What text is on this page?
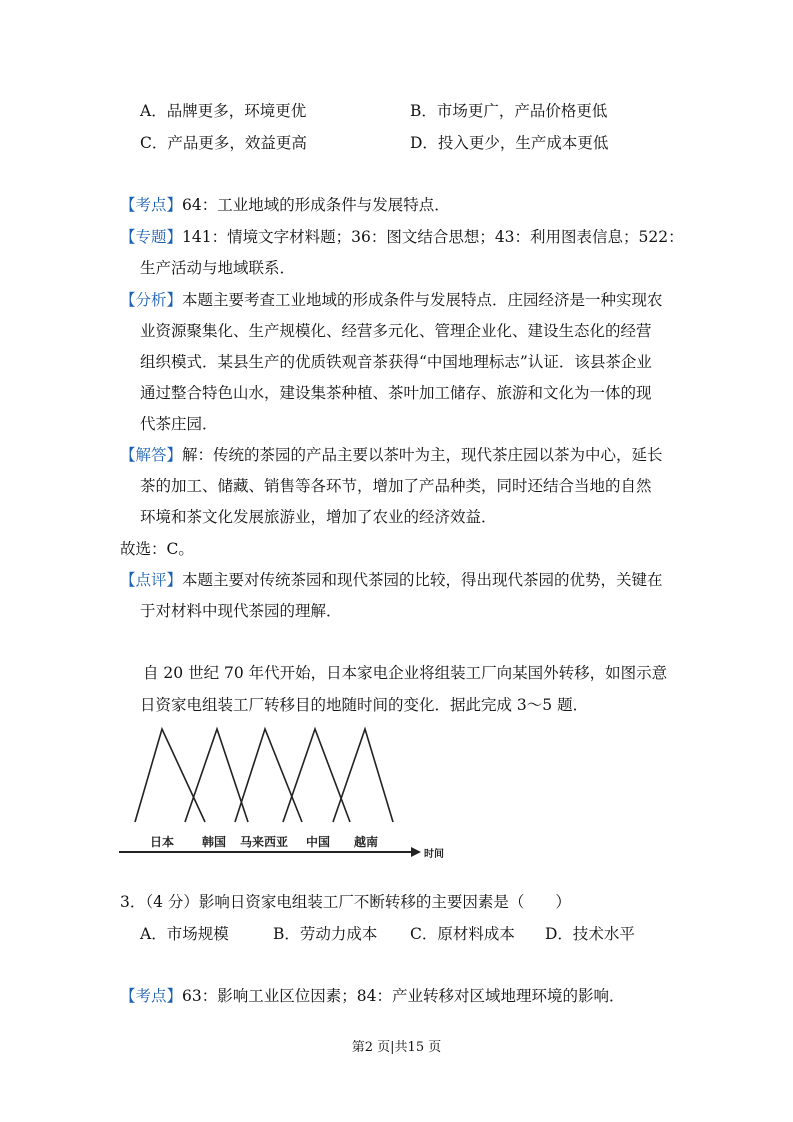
A．品牌更多，环境更优	B．市场更广，产品价格更低
C．产品更多，效益更高	D．投入更少，生产成本更低
【考点】64：工业地域的形成条件与发展特点．
【专题】141：情境文字材料题；36：图文结合思想；43：利用图表信息；522：
生产活动与地域联系．
【分析】本题主要考查工业地域的形成条件与发展特点．庄园经济是一种实现农
业资源聚集化、生产规模化、经营多元化、管理企业化、建设生态化的经营
组织模式．某县生产的优质铁观音茶获得“中国地理标志”认证．该县茶企业
通过整合特色山水，建设集茶种植、茶叶加工储存、旅游和文化为一体的现
代茶庄园．
【解答】解：传统的茶园的产品主要以茶叶为主，现代茶庄园以茶为中心，延长
茶的加工、储藏、销售等各环节，增加了产品种类，同时还结合当地的自然
环境和茶文化发展旅游业，增加了农业的经济效益．
故选：C。
【点评】本题主要对传统茶园和现代茶园的比较，得出现代茶园的优势，关键在
于对材料中现代茶园的理解．
自 20 世纪 70 年代开始，日本家电企业将组装工厂向某国外转移，如图示意
日资家电组装工厂转移目的地随时间的变化．据此完成 3～5 题．
日本 韩国 马来西亚 中国 越南
时间
3．（4 分）影响日资家电组装工厂不断转移的主要因素是（　　）
A．市场规模	B．劳动力成本 C．原材料成本 D．技术水平
【考点】63：影响工业区位因素；84：产业转移对区域地理环境的影响．
第2 页|共15 页
